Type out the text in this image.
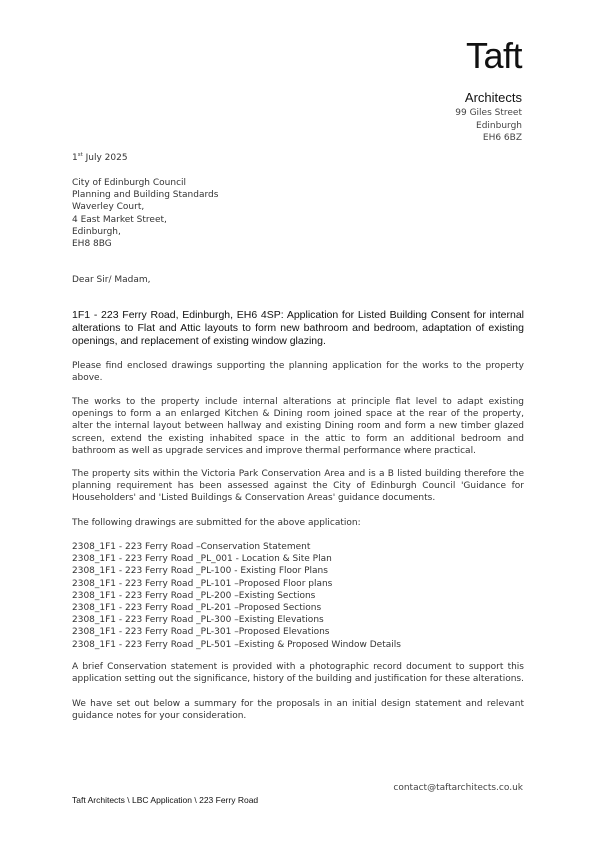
Taft
Architects
99 Giles Street
Edinburgh
EH6 6BZ
1st July 2025
City of Edinburgh Council
Planning and Building Standards
Waverley Court,
4 East Market Street,
Edinburgh,
EH8 8BG
Dear Sir/ Madam,
1F1 - 223 Ferry Road, Edinburgh, EH6 4SP: Application for Listed Building Consent for internal alterations to Flat and Attic layouts to form new bathroom and bedroom, adaptation of existing openings, and replacement of existing window glazing.
Please find enclosed drawings supporting the planning application for the works to the property above.
The works to the property include internal alterations at principle flat level to adapt existing openings to form a an enlarged Kitchen & Dining room joined space at the rear of the property, alter the internal layout between hallway and existing Dining room and form a new timber glazed screen, extend the existing inhabited space in the attic to form an additional bedroom and bathroom as well as upgrade services and improve thermal performance where practical.
The property sits within the Victoria Park Conservation Area and is a B listed building therefore the planning requirement has been assessed against the City of Edinburgh Council 'Guidance for Householders' and 'Listed Buildings & Conservation Areas' guidance documents.
The following drawings are submitted for the above application:
2308_1F1 - 223 Ferry Road –Conservation Statement
2308_1F1 - 223 Ferry Road _PL_001 - Location & Site Plan
2308_1F1 - 223 Ferry Road _PL-100 - Existing Floor Plans
2308_1F1 - 223 Ferry Road _PL-101 –Proposed Floor plans
2308_1F1 - 223 Ferry Road _PL-200 –Existing Sections
2308_1F1 - 223 Ferry Road _PL-201 –Proposed Sections
2308_1F1 - 223 Ferry Road _PL-300 –Existing Elevations
2308_1F1 - 223 Ferry Road _PL-301 –Proposed Elevations
2308_1F1 - 223 Ferry Road _PL-501 –Existing & Proposed Window Details
A brief Conservation statement is provided with a photographic record document to support this application setting out the significance, history of the building and justification for these alterations.
We have set out below a summary for the proposals in an initial design statement and relevant guidance notes for your consideration.
contact@taftarchitects.co.uk
Taft Architects \ LBC Application \ 223 Ferry Road
